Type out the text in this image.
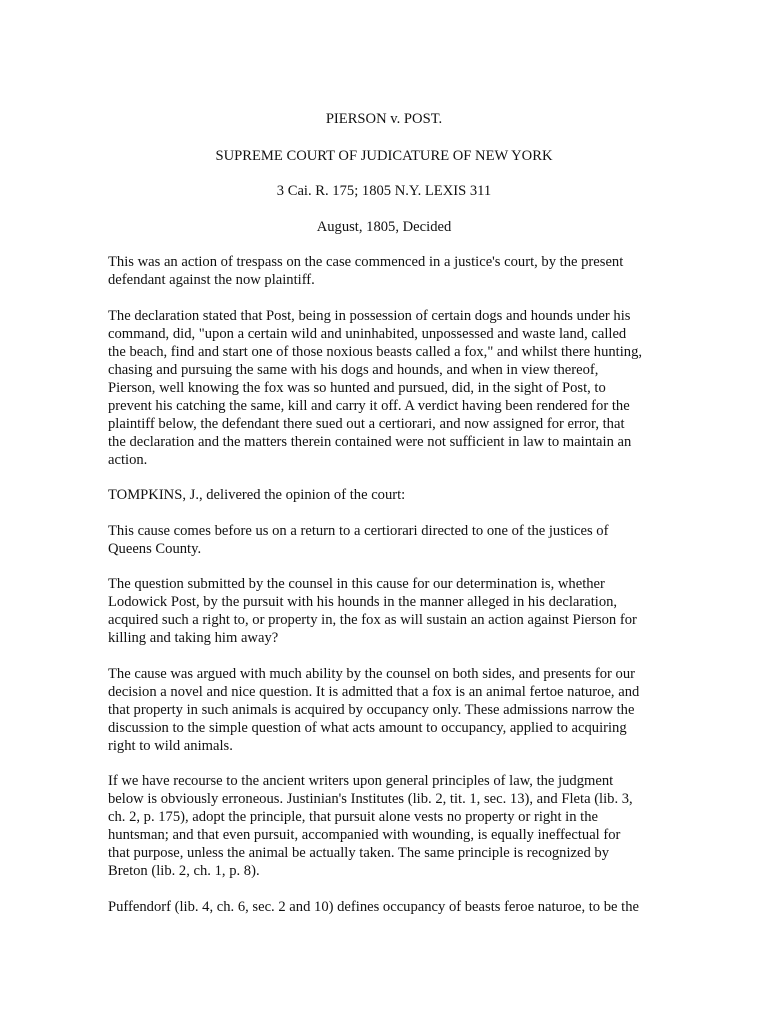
PIERSON v. POST.
SUPREME COURT OF JUDICATURE OF NEW YORK
3 Cai. R. 175; 1805 N.Y. LEXIS 311
August, 1805, Decided

This was an action of trespass on the case commenced in a justice's court, by the present
defendant against the now plaintiff.

The declaration stated that Post, being in possession of certain dogs and hounds under his
command, did, "upon a certain wild and uninhabited, unpossessed and waste land, called
the beach, find and start one of those noxious beasts called a fox," and whilst there hunting,
chasing and pursuing the same with his dogs and hounds, and when in view thereof,
Pierson, well knowing the fox was so hunted and pursued, did, in the sight of Post, to
prevent his catching the same, kill and carry it off. A verdict having been rendered for the
plaintiff below, the defendant there sued out a certiorari, and now assigned for error, that
the declaration and the matters therein contained were not sufficient in law to maintain an
action.

TOMPKINS, J., delivered the opinion of the court:

This cause comes before us on a return to a certiorari directed to one of the justices of
Queens County.

The question submitted by the counsel in this cause for our determination is, whether
Lodowick Post, by the pursuit with his hounds in the manner alleged in his declaration,
acquired such a right to, or property in, the fox as will sustain an action against Pierson for
killing and taking him away?

The cause was argued with much ability by the counsel on both sides, and presents for our
decision a novel and nice question. It is admitted that a fox is an animal fertoe naturoe, and
that property in such animals is acquired by occupancy only. These admissions narrow the
discussion to the simple question of what acts amount to occupancy, applied to acquiring
right to wild animals.

If we have recourse to the ancient writers upon general principles of law, the judgment
below is obviously erroneous. Justinian's Institutes (lib. 2, tit. 1, sec. 13), and Fleta (lib. 3,
ch. 2, p. 175), adopt the principle, that pursuit alone vests no property or right in the
huntsman; and that even pursuit, accompanied with wounding, is equally ineffectual for
that purpose, unless the animal be actually taken. The same principle is recognized by
Breton (lib. 2, ch. 1, p. 8).

Puffendorf (lib. 4, ch. 6, sec. 2 and 10) defines occupancy of beasts feroe naturoe, to be the
